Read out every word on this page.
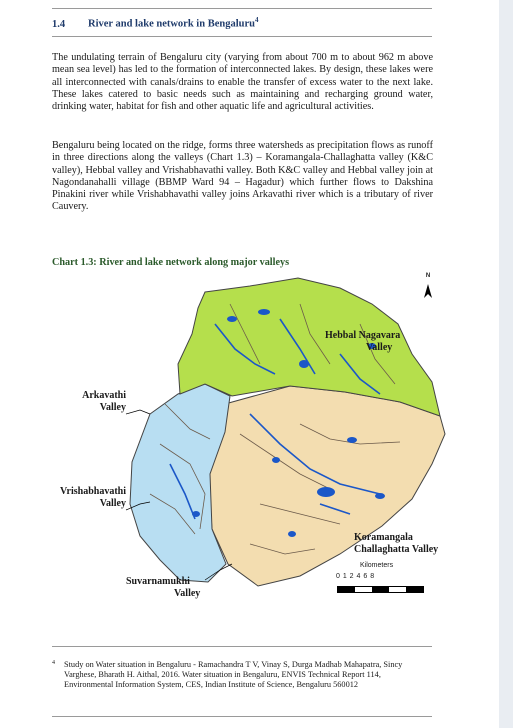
1.4 River and lake network in Bengaluru$^4$

The undulating terrain of Bengaluru city (varying from about 700 m to about 962 m above mean sea level) has led to the formation of interconnected lakes. By design, these lakes were all interconnected with canals/drains to enable the transfer of excess water to the next lake. These lakes catered to basic needs such as maintaining and recharging ground water, drinking water, habitat for fish and other aquatic life and agricultural activities.

Bengaluru being located on the ridge, forms three watersheds as precipitation flows as runoff in three directions along the valleys (Chart 1.3) – Koramangala-Challaghatta valley (K&C valley), Hebbal valley and Vrishabhavathi valley. Both K&C valley and Hebbal valley join at Nagondanahalli village (BBMP Ward 94 – Hagadur) which further flows to Dakshina Pinakini river while Vrishabhavathi valley joins Arkavathi river which is a tributary of river Cauvery.

Chart 1.3: River and lake network along major valleys
Hebbal Nagavara
Valley
Arkavathi
Valley
Vrishabhavathi
Valley
Koramangala
Challaghatta Valley
Suvarnamukhi
Valley
N
Kilometers
0 1 2 4 6 8
4 Study on Water situation in Bengaluru - Ramachandra T V, Vinay S, Durga Madhab Mahapatra, Sincy Varghese, Bharath H. Aithal, 2016. Water situation in Bengaluru, ENVIS Technical Report 114, Environmental Information System, CES, Indian Institute of Science, Bengaluru 560012
